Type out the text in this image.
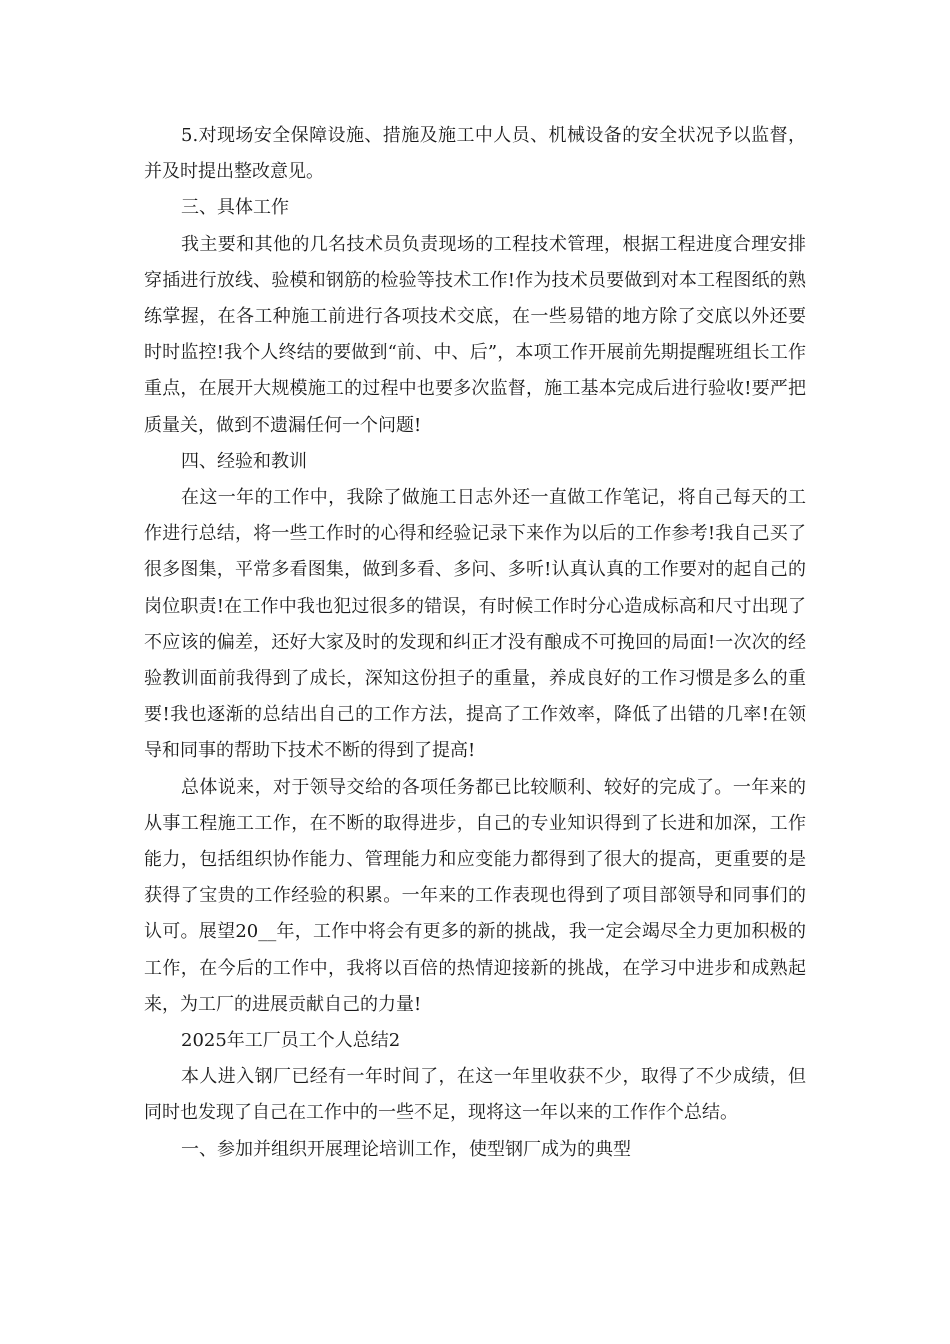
5.对现场安全保障设施、措施及施工中人员、机械设备的安全状况予以监督，并及时提出整改意见。

三、具体工作

我主要和其他的几名技术员负责现场的工程技术管理，根据工程进度合理安排穿插进行放线、验模和钢筋的检验等技术工作!作为技术员要做到对本工程图纸的熟练掌握，在各工种施工前进行各项技术交底，在一些易错的地方除了交底以外还要时时监控!我个人终结的要做到“前、中、后”，本项工作开展前先期提醒班组长工作重点，在展开大规模施工的过程中也要多次监督，施工基本完成后进行验收!要严把质量关，做到不遗漏任何一个问题!

四、经验和教训

在这一年的工作中，我除了做施工日志外还一直做工作笔记，将自己每天的工作进行总结，将一些工作时的心得和经验记录下来作为以后的工作参考!我自己买了很多图集，平常多看图集，做到多看、多问、多听!认真认真的工作要对的起自己的岗位职责!在工作中我也犯过很多的错误，有时候工作时分心造成标高和尺寸出现了不应该的偏差，还好大家及时的发现和纠正才没有酿成不可挽回的局面!一次次的经验教训面前我得到了成长，深知这份担子的重量，养成良好的工作习惯是多么的重要!我也逐渐的总结出自己的工作方法，提高了工作效率，降低了出错的几率!在领导和同事的帮助下技术不断的得到了提高!

总体说来，对于领导交给的各项任务都已比较顺利、较好的完成了。一年来的从事工程施工工作，在不断的取得进步，自己的专业知识得到了长进和加深，工作能力，包括组织协作能力、管理能力和应变能力都得到了很大的提高，更重要的是获得了宝贵的工作经验的积累。一年来的工作表现也得到了项目部领导和同事们的认可。展望20__年，工作中将会有更多的新的挑战，我一定会竭尽全力更加积极的工作，在今后的工作中，我将以百倍的热情迎接新的挑战，在学习中进步和成熟起来，为工厂的进展贡献自己的力量!

2025年工厂员工个人总结2

本人进入钢厂已经有一年时间了，在这一年里收获不少，取得了不少成绩，但同时也发现了自己在工作中的一些不足，现将这一年以来的工作作个总结。

一、参加并组织开展理论培训工作，使型钢厂成为的典型
